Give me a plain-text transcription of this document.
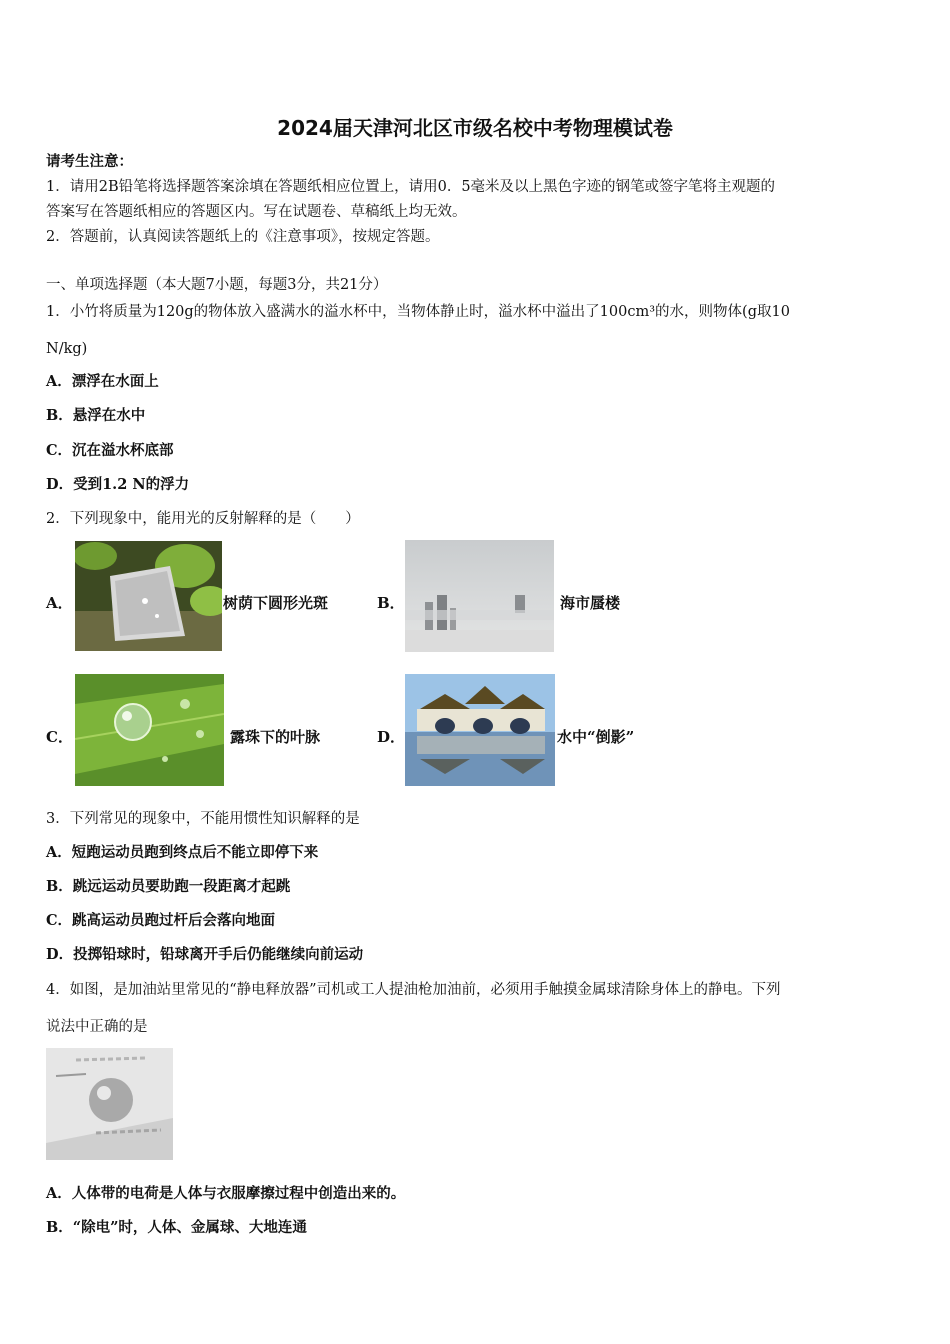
2024届天津河北区市级名校中考物理模试卷
请考生注意：
1．请用2B铅笔将选择题答案涂填在答题纸相应位置上，请用0．5毫米及以上黑色字迹的钢笔或签字笔将主观题的
答案写在答题纸相应的答题区内。写在试题卷、草稿纸上均无效。
2．答题前，认真阅读答题纸上的《注意事项》，按规定答题。
一、单项选择题（本大题7小题，每题3分，共21分）
1．小竹将质量为120g的物体放入盛满水的溢水杯中，当物体静止时，溢水杯中溢出了100cm³的水，则物体(g取10
N/kg)
A．漂浮在水面上
B．悬浮在水中
C．沉在溢水杯底部
D．受到1.2 N的浮力
2．下列现象中，能用光的反射解释的是（　　）
A．	树荫下圆形光斑	B．	海市蜃楼
C．	露珠下的叶脉	D．	水中“倒影”
3．下列常见的现象中，不能用惯性知识解释的是
A．短跑运动员跑到终点后不能立即停下来
B．跳远运动员要助跑一段距离才起跳
C．跳高运动员跑过杆后会落向地面
D．投掷铅球时，铅球离开手后仍能继续向前运动
4．如图，是加油站里常见的“静电释放器”司机或工人提油枪加油前，必须用手触摸金属球清除身体上的静电。下列
说法中正确的是
A．人体带的电荷是人体与衣服摩擦过程中创造出来的。
B．“除电”时，人体、金属球、大地连通
